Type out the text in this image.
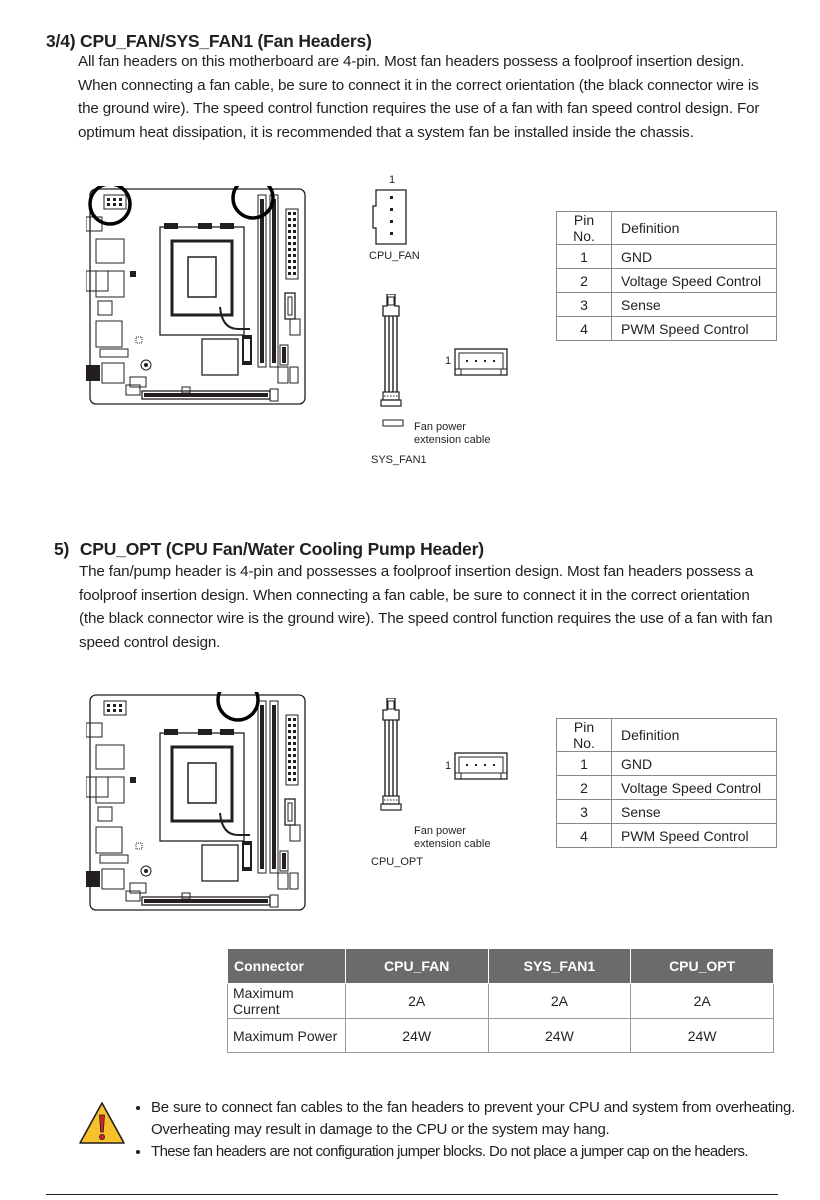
3/4) CPU_FAN/SYS_FAN1 (Fan Headers)

All fan headers on this motherboard are 4-pin. Most fan headers possess a foolproof insertion design.

When connecting a fan cable, be sure to connect it in the correct orientation (the black connector wire is

the ground wire). The speed control function requires the use of a fan with fan speed control design. For

optimum heat dissipation, it is recommended that a system fan be installed inside the chassis.

1
CPU_FAN
Fan power
extension cable
SYS_FAN1
1
Pin No.	Definition
1	GND
2	Voltage Speed Control
3	Sense
4	PWM Speed Control
5) CPU_OPT (CPU Fan/Water Cooling Pump Header)

The fan/pump header is 4-pin and possesses a foolproof insertion design. Most fan headers possess a

foolproof insertion design. When connecting a fan cable, be sure to connect it in the correct orientation

(the black connector wire is the ground wire). The speed control function requires the use of a fan with fan

speed control design.

Fan power
extension cable
CPU_OPT
1
Pin No.	Definition
1	GND
2	Voltage Speed Control
3	Sense
4	PWM Speed Control
Connector	CPU_FAN	SYS_FAN1	CPU_OPT
Maximum Current	2A	2A	2A
Maximum Power	24W	24W	24W
• Be sure to connect fan cables to the fan headers to prevent your CPU and system from overheating. Overheating may result in damage to the CPU or the system may hang.
• These fan headers are not configuration jumper blocks. Do not place a jumper cap on the headers.
